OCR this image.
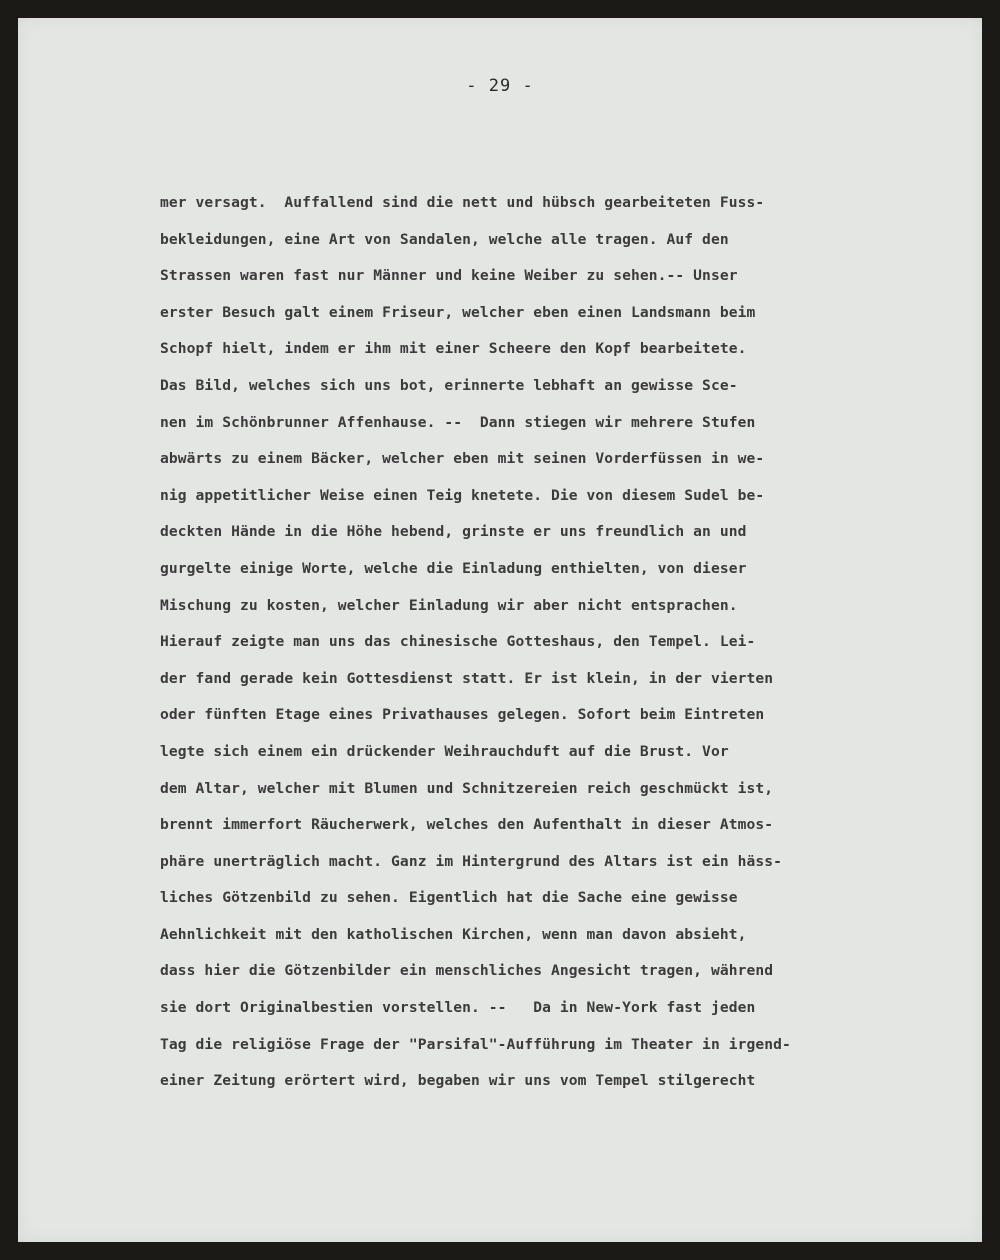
- 29 -
mer versagt.  Auffallend sind die nett und hübsch gearbeiteten Fuss-
bekleidungen, eine Art von Sandalen, welche alle tragen. Auf den
Strassen waren fast nur Männer und keine Weiber zu sehen.-- Unser
erster Besuch galt einem Friseur, welcher eben einen Landsmann beim
Schopf hielt, indem er ihm mit einer Scheere den Kopf bearbeitete.
Das Bild, welches sich uns bot, erinnerte lebhaft an gewisse Sce-
nen im Schönbrunner Affenhause. --  Dann stiegen wir mehrere Stufen
abwärts zu einem Bäcker, welcher eben mit seinen Vorderfüssen in we-
nig appetitlicher Weise einen Teig knetete. Die von diesem Sudel be-
deckten Hände in die Höhe hebend, grinste er uns freundlich an und
gurgelte einige Worte, welche die Einladung enthielten, von dieser
Mischung zu kosten, welcher Einladung wir aber nicht entsprachen.
Hierauf zeigte man uns das chinesische Gotteshaus, den Tempel. Lei-
der fand gerade kein Gottesdienst statt. Er ist klein, in der vierten
oder fünften Etage eines Privathauses gelegen. Sofort beim Eintreten
legte sich einem ein drückender Weihrauchduft auf die Brust. Vor
dem Altar, welcher mit Blumen und Schnitzereien reich geschmückt ist,
brennt immerfort Räucherwerk, welches den Aufenthalt in dieser Atmos-
phäre unerträglich macht. Ganz im Hintergrund des Altars ist ein häss-
liches Götzenbild zu sehen. Eigentlich hat die Sache eine gewisse
Aehnlichkeit mit den katholischen Kirchen, wenn man davon absieht,
dass hier die Götzenbilder ein menschliches Angesicht tragen, während
sie dort Originalbestien vorstellen. --   Da in New-York fast jeden
Tag die religiöse Frage der "Parsifal"-Aufführung im Theater in irgend-
einer Zeitung erörtert wird, begaben wir uns vom Tempel stilgerecht
